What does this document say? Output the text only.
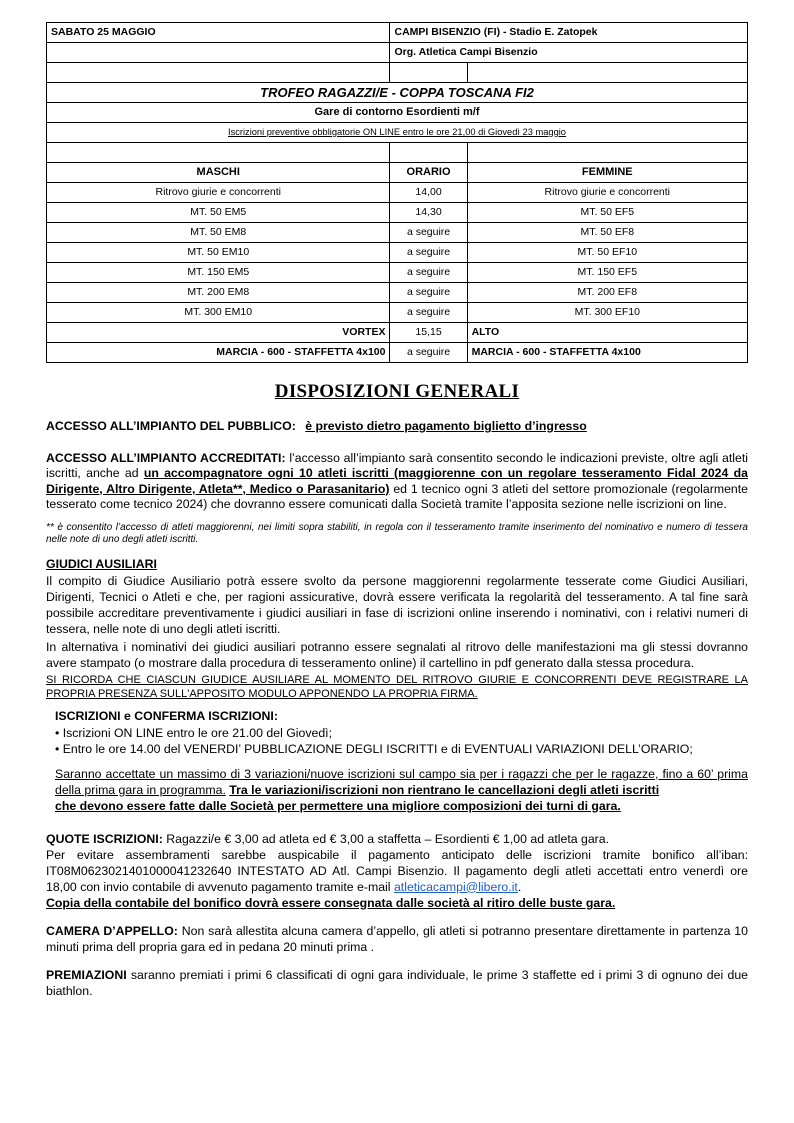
SABATO 25 MAGGIO	CAMPI BISENZIO (FI) - Stadio E. Zatopek	
	Org. Atletica Campi Bisenzio	

TROFEO RAGAZZI/E - COPPA TOSCANA FI2		
Gare di contorno Esordienti m/f		
Iscrizioni preventive obbligatorie ON LINE entro le ore 21,00 di Giovedì 23 maggio		

MASCHI	ORARIO	FEMMINE
Ritrovo giurie e concorrenti	14,00	Ritrovo giurie e concorrenti
MT. 50 EM5	14,30	MT. 50 EF5
MT. 50 EM8	a seguire	MT. 50 EF8
MT. 50 EM10	a seguire	MT. 50 EF10
MT. 150 EM5	a seguire	MT. 150 EF5
MT. 200 EM8	a seguire	MT. 200 EF8
MT. 300 EM10	a seguire	MT. 300 EF10
VORTEX	15,15	ALTO
MARCIA - 600 - STAFFETTA 4x100	a seguire	MARCIA - 600 - STAFFETTA 4x100
DISPOSIZIONI GENERALI

ACCESSO ALL’IMPIANTO DEL PUBBLICO: è previsto dietro pagamento biglietto d’ingresso

ACCESSO ALL’IMPIANTO ACCREDITATI: l’accesso all’impianto sarà consentito secondo le indicazioni previste, oltre agli atleti iscritti, anche ad un accompagnatore ogni 10 atleti iscritti (maggiorenne con un regolare tesseramento Fidal 2024 da Dirigente, Altro Dirigente, Atleta**, Medico o Parasanitario) ed 1 tecnico ogni 3 atleti del settore promozionale (regolarmente tesserato come tecnico 2024) che dovranno essere comunicati dalla Società tramite l’apposita sezione nelle iscrizioni on line.

** è consentito l’accesso di atleti maggiorenni, nei limiti sopra stabiliti, in regola con il tesseramento tramite inserimento del nominativo e numero di tessera nelle note di uno degli atleti iscritti.

GIUDICI AUSILIARI

Il compito di Giudice Ausiliario potrà essere svolto da persone maggiorenni regolarmente tesserate come Giudici Ausiliari, Dirigenti, Tecnici o Atleti e che, per ragioni assicurative, dovrà essere verificata la regolarità del tesseramento. A tal fine sarà possibile accreditare preventivamente i giudici ausiliari in fase di iscrizioni online inserendo i nominativi, con i relativi numeri di tessera, nelle note di uno degli atleti iscritti.

In alternativa i nominativi dei giudici ausiliari potranno essere segnalati al ritrovo delle manifestazioni ma gli stessi dovranno avere stampato (o mostrare dalla procedura di tesseramento online) il cartellino in pdf generato dalla stessa procedura.

SI RICORDA CHE CIASCUN GIUDICE AUSILIARE AL MOMENTO DEL RITROVO GIURIE E CONCORRENTI DEVE REGISTRARE LA PROPRIA PRESENZA SULL'APPOSITO MODULO APPONENDO LA PROPRIA FIRMA.

ISCRIZIONI e CONFERMA ISCRIZIONI:

• Iscrizioni ON LINE entro le ore 21.00 del Giovedì;

• Entro le ore 14.00 del VENERDI’ PUBBLICAZIONE DEGLI ISCRITTI e di EVENTUALI VARIAZIONI DELL’ORARIO;

Saranno accettate un massimo di 3 variazioni/nuove iscrizioni sul campo sia per i ragazzi che per le ragazze, fino a 60’ prima della prima gara in programma. Tra le variazioni/iscrizioni non rientrano le cancellazioni degli atleti iscritti
che devono essere fatte dalle Società per permettere una migliore composizioni dei turni di gara.

QUOTE ISCRIZIONI: Ragazzi/e € 3,00 ad atleta ed € 3,00 a staffetta – Esordienti € 1,00 ad atleta gara.

Per evitare assembramenti sarebbe auspicabile il pagamento anticipato delle iscrizioni tramite bonifico all’iban: IT08M0623021401000041232640 INTESTATO AD Atl. Campi Bisenzio. Il pagamento degli atleti accettati entro venerdì ore 18,00 con invio contabile di avvenuto pagamento tramite e-mail atleticacampi@libero.it.

Copia della contabile del bonifico dovrà essere consegnata dalle società al ritiro delle buste gara.

CAMERA D’APPELLO: Non sarà allestita alcuna camera d’appello, gli atleti si potranno presentare direttamente in partenza 10 minuti prima dell propria gara ed in pedana 20 minuti prima .

PREMIAZIONI saranno premiati i primi 6 classificati di ogni gara individuale, le prime 3 staffette ed i primi 3 di ognuno dei due biathlon.
